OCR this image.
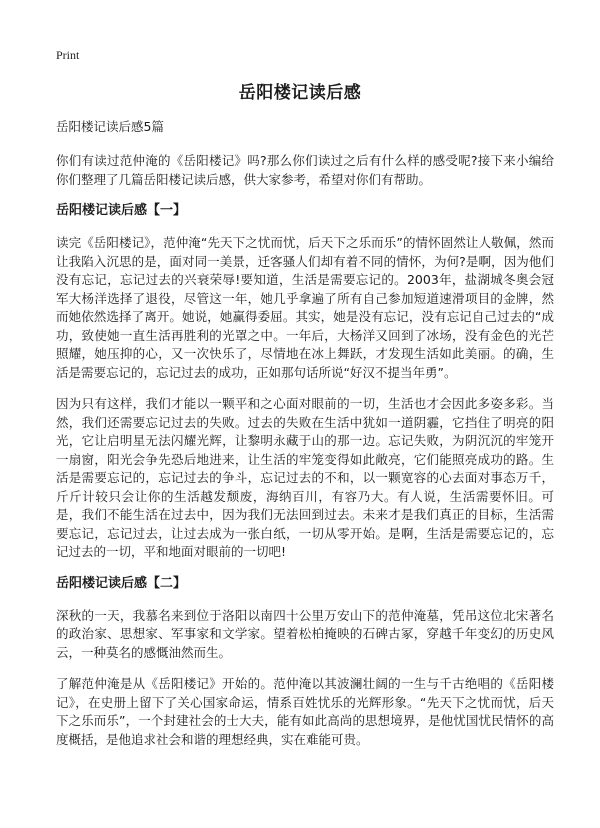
Print
岳阳楼记读后感
岳阳楼记读后感5篇

你们有读过范仲淹的《岳阳楼记》吗?那么你们读过之后有什么样的感受呢?接下来小编给你们整理了几篇岳阳楼记读后感，供大家参考，希望对你们有帮助。

岳阳楼记读后感【一】

读完《岳阳楼记》，范仲淹“先天下之忧而忧，后天下之乐而乐”的情怀固然让人敬佩，然而让我陷入沉思的是，面对同一美景，迁客骚人们却有着不同的情怀，为何?是啊，因为他们没有忘记，忘记过去的兴衰荣辱!要知道，生活是需要忘记的。2003年，盐湖城冬奥会冠军大杨洋选择了退役，尽管这一年，她几乎拿遍了所有自己参加短道速滑项目的金牌，然而她依然选择了离开。她说，她赢得委屈。其实，她是没有忘记，没有忘记自己过去的“成功，致使她一直生活再胜利的光罩之中。一年后，大杨洋又回到了冰场，没有金色的光芒照耀，她压抑的心，又一次快乐了，尽情地在冰上舞跃，才发现生活如此美丽。的确，生活是需要忘记的，忘记过去的成功，正如那句话所说“好汉不提当年勇”。

因为只有这样，我们才能以一颗平和之心面对眼前的一切，生活也才会因此多姿多彩。当然，我们还需要忘记过去的失败。过去的失败在生活中犹如一道阴霾，它挡住了明亮的阳光，它让启明星无法闪耀光辉，让黎明永藏于山的那一边。忘记失败，为阴沉沉的牢笼开一扇窗，阳光会争先恐后地进来，让生活的牢笼变得如此敞亮，它们能照亮成功的路。生活是需要忘记的，忘记过去的争斗，忘记过去的不和，以一颗宽容的心去面对事态万千，斤斤计较只会让你的生活越发颓废，海纳百川，有容乃大。有人说，生活需要怀旧。可是，我们不能生活在过去中，因为我们无法回到过去。未来才是我们真正的目标，生活需要忘记，忘记过去，让过去成为一张白纸，一切从零开始。是啊，生活是需要忘记的，忘记过去的一切，平和地面对眼前的一切吧!

岳阳楼记读后感【二】

深秋的一天，我慕名来到位于洛阳以南四十公里万安山下的范仲淹墓，凭吊这位北宋著名的政治家、思想家、军事家和文学家。望着松柏掩映的石碑古冢，穿越千年变幻的历史风云，一种莫名的感慨油然而生。

了解范仲淹是从《岳阳楼记》开始的。范仲淹以其波澜壮阔的一生与千古绝唱的《岳阳楼记》，在史册上留下了关心国家命运，情系百姓忧乐的光辉形象。“先天下之忧而忧，后天下之乐而乐”，一个封建社会的士大夫，能有如此高尚的思想境界，是他忧国忧民情怀的高度概括，是他追求社会和谐的理想经典，实在难能可贵。
